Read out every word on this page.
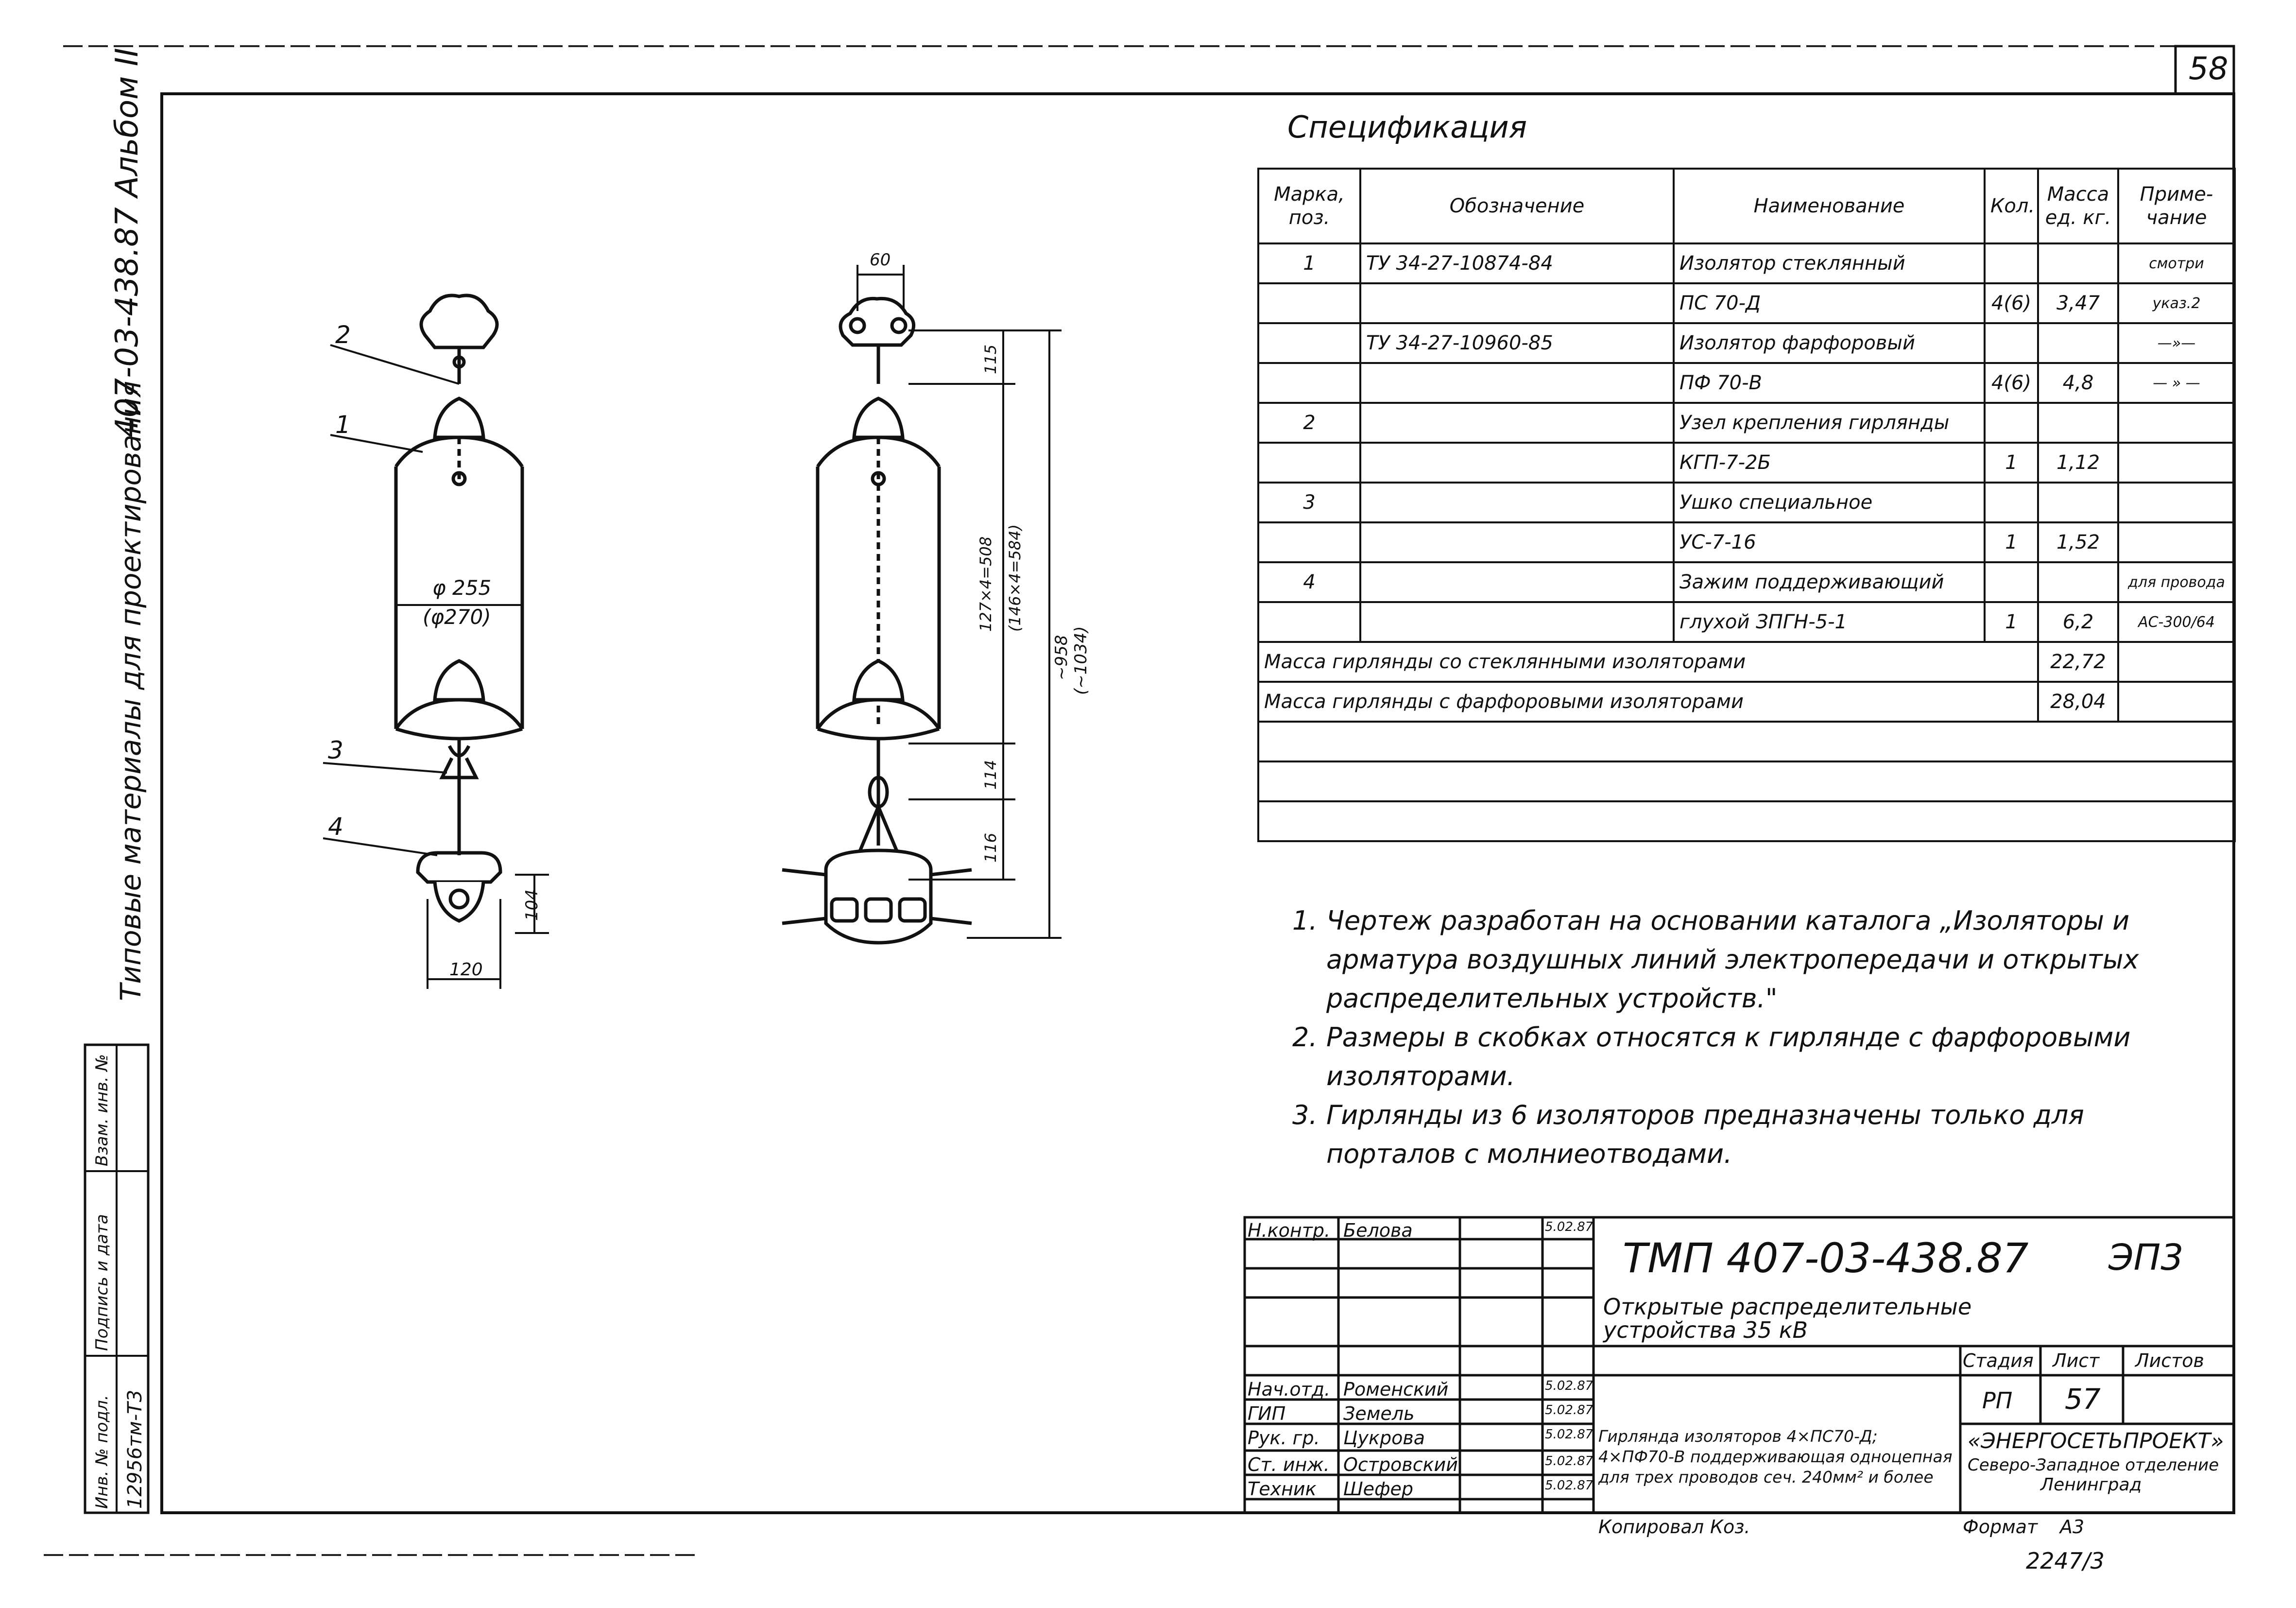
58
407-03-438.87 Альбом II
Типовые материалы для проектирования
Инв. № подл. 12956тм-Т3
Подпись и дата
Взам. инв. №
2
1
3
4
φ 255
(φ270)
120
104
60
115
127×4=508 (146×4=584)
~958 (~1034)
114
116
Спецификация
Марка, поз.	Обозначение	Наименование	Кол.	Масса ед. кг.	Приме-чание
1	ТУ 34-27-10874-84	Изолятор стеклянный			смотри
		ПС 70-Д	4(6)	3,47	указ.2
	ТУ 34-27-10960-85	Изолятор фарфоровый			—»—
		ПФ 70-В	4(6)	4,8	— » —
2		Узел крепления гирлянды			
		КГП-7-2Б	1	1,12	
3		Ушко специальное			
		УС-7-16	1	1,52	
4		Зажим поддерживающий			для провода
		глухой ЗПГН-5-1	1	6,2	АС-300/64
Масса гирлянды со стеклянными изоляторами				22,72	
Масса гирлянды с фарфоровыми изоляторами				28,04	

1. Чертеж разработан на основании каталога „Изоляторы и арматура воздушных линий электропередачи и открытых распределительных устройств."
2. Размеры в скобках относятся к гирлянде с фарфоровыми изоляторами.
3. Гирлянды из 6 изоляторов предназначены только для порталов с молниеотводами.
Н.контр. Белова	5.02.87
Нач.отд. Роменский	5.02.87
ГИП	Земель	5.02.87
Рук. гр. Цукрова	5.02.87
Ст. инж. Островский	5.02.87
Техник Шефер	5.02.87
ТМП 407-03-438.87 ЭП3
Открытые распределительные устройства 35 кВ
Стадия Лист Листов
РП 57
Гирлянда изоляторов 4×ПС70-Д; 4×ПФ70-В поддерживающая одноцепная для трех проводов сеч. 240мм² и более
«ЭНЕРГОСЕТЬПРОЕКТ»
Северо-Западное отделение
Ленинград
Копировал Коз.	Формат А3
2247/3
